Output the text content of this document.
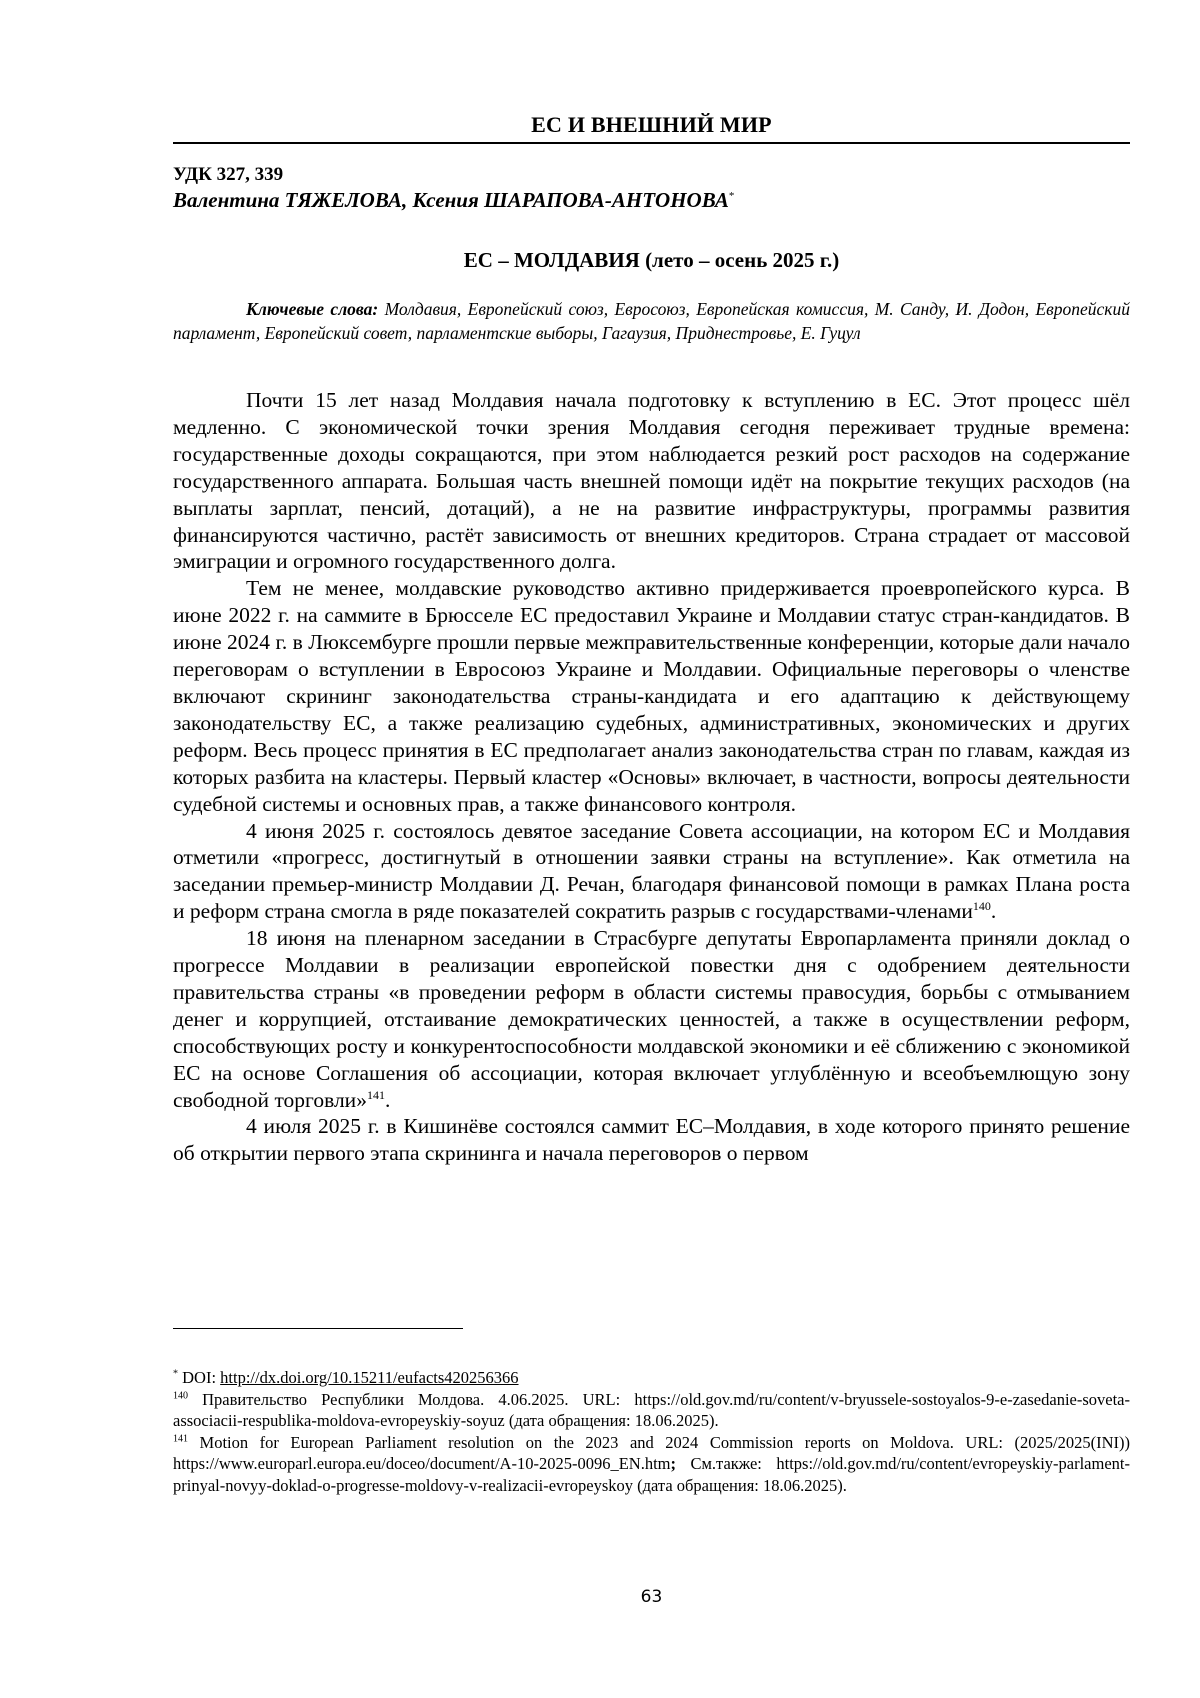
ЕС И ВНЕШНИЙ МИР
УДК 327, 339
Валентина ТЯЖЕЛОВА, Ксения ШАРАПОВА-АНТОНОВА*
ЕС – МОЛДАВИЯ (лето – осень 2025 г.)
Ключевые слова: Молдавия, Европейский союз, Евросоюз, Европейская комиссия, М. Санду, И. Додон, Европейский парламент, Европейский совет, парламентские выборы, Гагаузия, Приднестровье, Е. Гуцул

Почти 15 лет назад Молдавия начала подготовку к вступлению в ЕС. Этот процесс шёл медленно. С экономической точки зрения Молдавия сегодня переживает трудные времена: государственные доходы сокращаются, при этом наблюдается резкий рост расходов на содержание государственного аппарата. Большая часть внешней помощи идёт на покрытие текущих расходов (на выплаты зарплат, пенсий, дотаций), а не на развитие инфраструктуры, программы развития финансируются частично, растёт зависимость от внешних кредиторов. Страна страдает от массовой эмиграции и огромного государственного долга.

Тем не менее, молдавские руководство активно придерживается проевропейского курса. В июне 2022 г. на саммите в Брюсселе ЕС предоставил Украине и Молдавии статус стран-кандидатов. В июне 2024 г. в Люксембурге прошли первые межправительственные конференции, которые дали начало переговорам о вступлении в Евросоюз Украине и Молдавии. Официальные переговоры о членстве включают скрининг законодательства страны-кандидата и его адаптацию к действующему законодательству ЕС, а также реализацию судебных, административных, экономических и других реформ. Весь процесс принятия в ЕС предполагает анализ законодательства стран по главам, каждая из которых разбита на кластеры. Первый кластер «Основы» включает, в частности, вопросы деятельности судебной системы и основных прав, а также финансового контроля.

4 июня 2025 г. состоялось девятое заседание Совета ассоциации, на котором ЕС и Молдавия отметили «прогресс, достигнутый в отношении заявки страны на вступление». Как отметила на заседании премьер-министр Молдавии Д. Речан, благодаря финансовой помощи в рамках Плана роста и реформ страна смогла в ряде показателей сократить разрыв с государствами-членами$^{140}$.

18 июня на пленарном заседании в Страсбурге депутаты Европарламента приняли доклад о прогрессе Молдавии в реализации европейской повестки дня с одобрением деятельности правительства страны «в проведении реформ в области системы правосудия, борьбы с отмыванием денег и коррупцией, отстаивание демократических ценностей, а также в осуществлении реформ, способствующих росту и конкурентоспособности молдавской экономики и её сближению с экономикой ЕС на основе Соглашения об ассоциации, которая включает углублённую и всеобъемлющую зону свободной торговли»$^{141}$.

4 июля 2025 г. в Кишинёве состоялся саммит ЕС–Молдавия, в ходе которого принято решение об открытии первого этапа скрининга и начала переговоров о первом

* DOI: http://dx.doi.org/10.15211/eufacts420256366

$^{140}$ Правительство Республики Молдова. 4.06.2025. URL: https://old.gov.md/ru/content/v-bryussele-sostoyalos-9-e-zasedanie-soveta-associacii-respublika-moldova-evropeyskiy-soyuz (дата обращения: 18.06.2025).

$^{141}$ Motion for European Parliament resolution on the 2023 and 2024 Commission reports on Moldova. URL: (2025/2025(INI)) https://www.europarl.europa.eu/doceo/document/A-10-2025-0096_EN.htm; См.также: https://old.gov.md/ru/content/evropeyskiy-parlament-prinyal-novyy-doklad-o-progresse-moldovy-v-realizacii-evropeyskoy (дата обращения: 18.06.2025).

63
